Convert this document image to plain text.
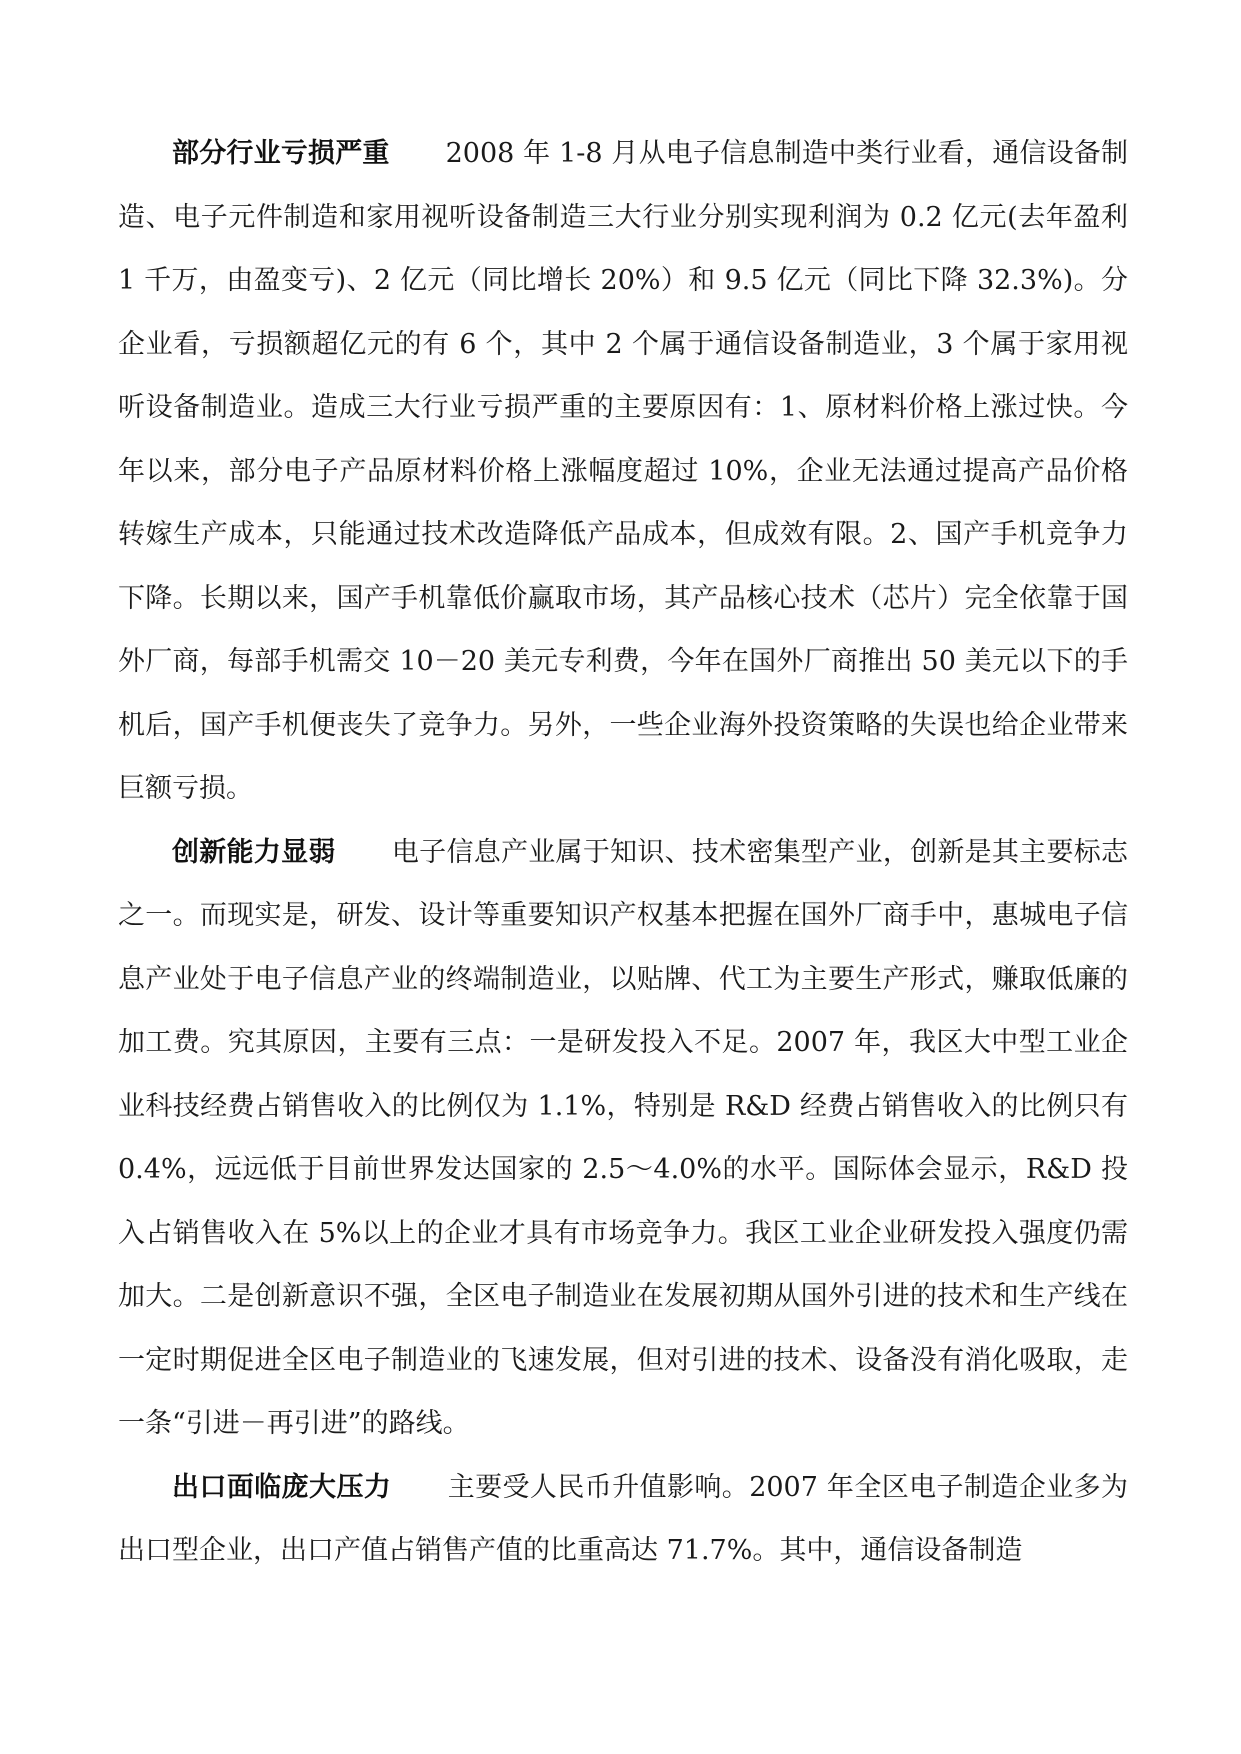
部分行业亏损严重 2008 年 1-8 月从电子信息制造中类行业看，通信设备制造、电子元件制造和家用视听设备制造三大行业分别实现利润为 0.2 亿元(去年盈利 1 千万，由盈变亏)、2 亿元（同比增长 20%）和 9.5 亿元（同比下降 32.3%)。分企业看，亏损额超亿元的有 6 个，其中 2 个属于通信设备制造业，3 个属于家用视听设备制造业。造成三大行业亏损严重的主要原因有：1、原材料价格上涨过快。今年以来，部分电子产品原材料价格上涨幅度超过 10%，企业无法通过提高产品价格转嫁生产成本，只能通过技术改造降低产品成本，但成效有限。2、国产手机竞争力下降。长期以来，国产手机靠低价赢取市场，其产品核心技术（芯片）完全依靠于国外厂商，每部手机需交 10－20 美元专利费，今年在国外厂商推出 50 美元以下的手机后，国产手机便丧失了竞争力。另外，一些企业海外投资策略的失误也给企业带来巨额亏损。

创新能力显弱 电子信息产业属于知识、技术密集型产业，创新是其主要标志之一。而现实是，研发、设计等重要知识产权基本把握在国外厂商手中，惠城电子信息产业处于电子信息产业的终端制造业，以贴牌、代工为主要生产形式，赚取低廉的加工费。究其原因，主要有三点：一是研发投入不足。2007 年，我区大中型工业企业科技经费占销售收入的比例仅为 1.1%，特别是 R&D 经费占销售收入的比例只有 0.4%，远远低于目前世界发达国家的 2.5～4.0%的水平。国际体会显示，R&D 投入占销售收入在 5%以上的企业才具有市场竞争力。我区工业企业研发投入强度仍需加大。二是创新意识不强，全区电子制造业在发展初期从国外引进的技术和生产线在一定时期促进全区电子制造业的飞速发展，但对引进的技术、设备没有消化吸取，走一条“引进－再引进”的路线。

出口面临庞大压力 主要受人民币升值影响。2007 年全区电子制造企业多为出口型企业，出口产值占销售产值的比重高达 71.7%。其中，通信设备制造
